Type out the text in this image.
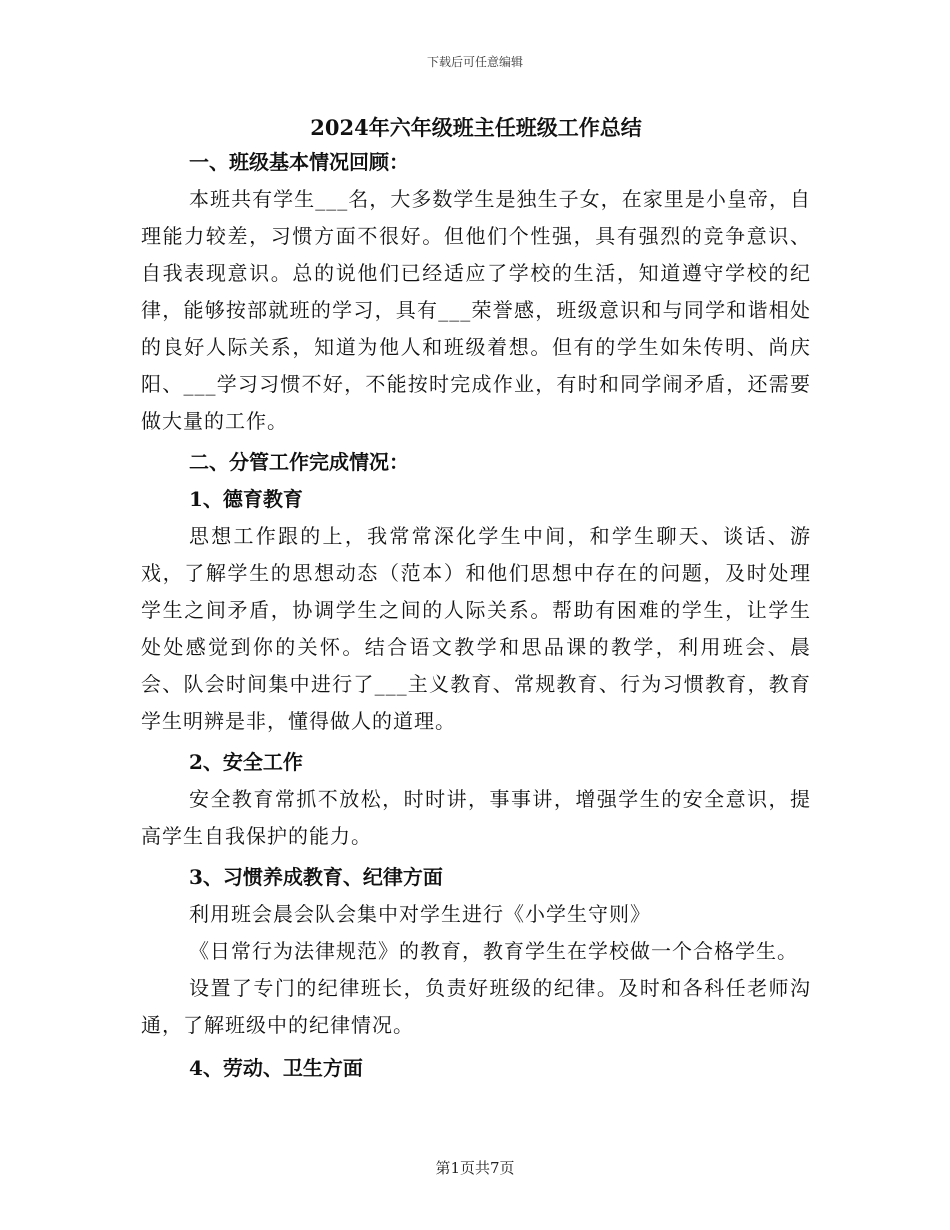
下载后可任意编辑
2024年六年级班主任班级工作总结
一、班级基本情况回顾：
本班共有学生___名，大多数学生是独生子女，在家里是小皇帝，自理能力较差，习惯方面不很好。但他们个性强，具有强烈的竞争意识、自我表现意识。总的说他们已经适应了学校的生活，知道遵守学校的纪律，能够按部就班的学习，具有___荣誉感，班级意识和与同学和谐相处的良好人际关系，知道为他人和班级着想。但有的学生如朱传明、尚庆阳、___学习习惯不好，不能按时完成作业，有时和同学闹矛盾，还需要做大量的工作。
二、分管工作完成情况：
1、德育教育
思想工作跟的上，我常常深化学生中间，和学生聊天、谈话、游戏，了解学生的思想动态（范本）和他们思想中存在的问题，及时处理学生之间矛盾，协调学生之间的人际关系。帮助有困难的学生，让学生处处感觉到你的关怀。结合语文教学和思品课的教学，利用班会、晨会、队会时间集中进行了___主义教育、常规教育、行为习惯教育，教育学生明辨是非，懂得做人的道理。
2、安全工作
安全教育常抓不放松，时时讲，事事讲，增强学生的安全意识，提高学生自我保护的能力。
3、习惯养成教育、纪律方面
利用班会晨会队会集中对学生进行《小学生守则》
《日常行为法律规范》的教育，教育学生在学校做一个合格学生。
设置了专门的纪律班长，负责好班级的纪律。及时和各科任老师沟通，了解班级中的纪律情况。
4、劳动、卫生方面
第1页共7页
